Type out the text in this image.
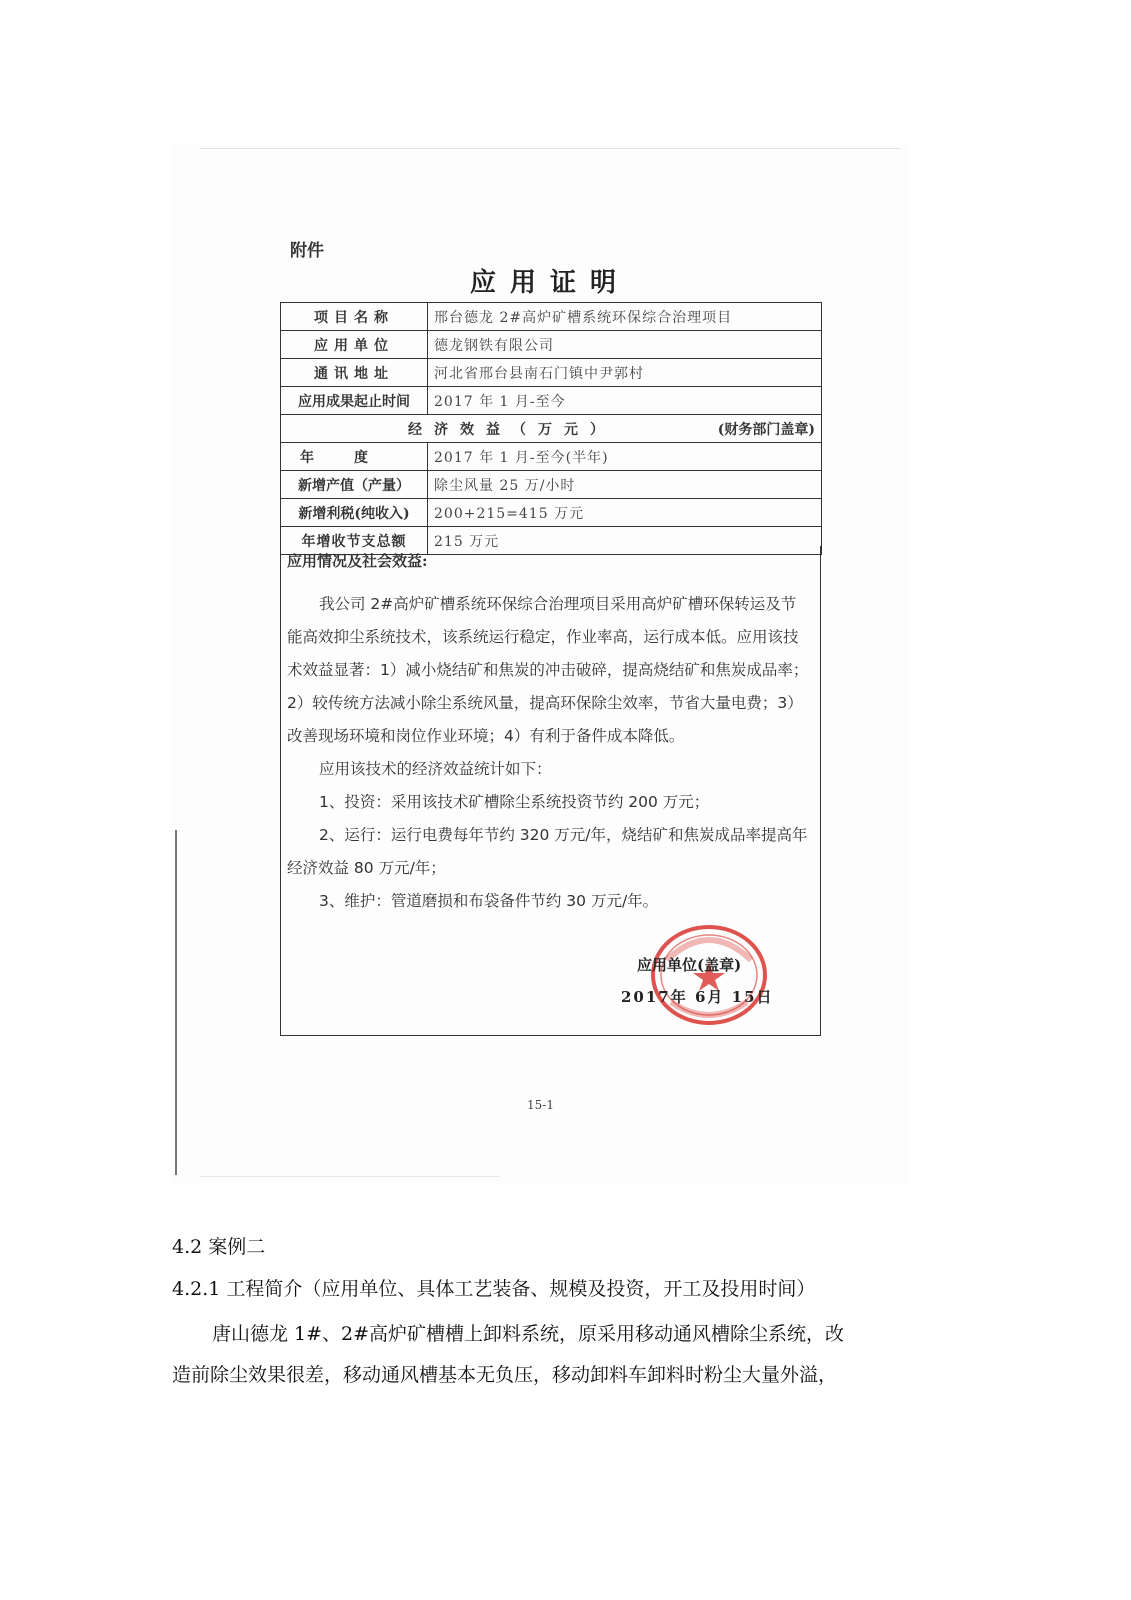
附件
应用证明
项目名称	邢台德龙 2#高炉矿槽系统环保综合治理项目
应用单位	德龙钢铁有限公司
通讯地址	河北省邢台县南石门镇中尹郭村
应用成果起止时间	2017 年 1 月-至今
经济效益（万元） (财务部门盖章)	

年度	2017 年 1 月-至今(半年)
新增产值（产量）	除尘风量 25 万/小时
新增利税(纯收入)	200+215=415 万元
年增收节支总额	215 万元
应用情况及社会效益:

我公司 2#高炉矿槽系统环保综合治理项目采用高炉矿槽环保转运及节能高效抑尘系统技术，该系统运行稳定，作业率高，运行成本低。应用该技术效益显著：1）减小烧结矿和焦炭的冲击破碎，提高烧结矿和焦炭成品率；2）较传统方法减小除尘系统风量，提高环保除尘效率，节省大量电费；3）改善现场环境和岗位作业环境；4）有利于备件成本降低。

应用该技术的经济效益统计如下：

1、投资：采用该技术矿槽除尘系统投资节约 200 万元；

2、运行：运行电费每年节约 320 万元/年，烧结矿和焦炭成品率提高年经济效益 80 万元/年；

3、维护：管道磨损和布袋备件节约 30 万元/年。

应用单位(盖章)
2017年 6月 15日
15-1
4.2 案例二
4.2.1 工程简介（应用单位、具体工艺装备、规模及投资，开工及投用时间）

唐山德龙 1#、2#高炉矿槽槽上卸料系统，原采用移动通风槽除尘系统，改

造前除尘效果很差，移动通风槽基本无负压，移动卸料车卸料时粉尘大量外溢，
